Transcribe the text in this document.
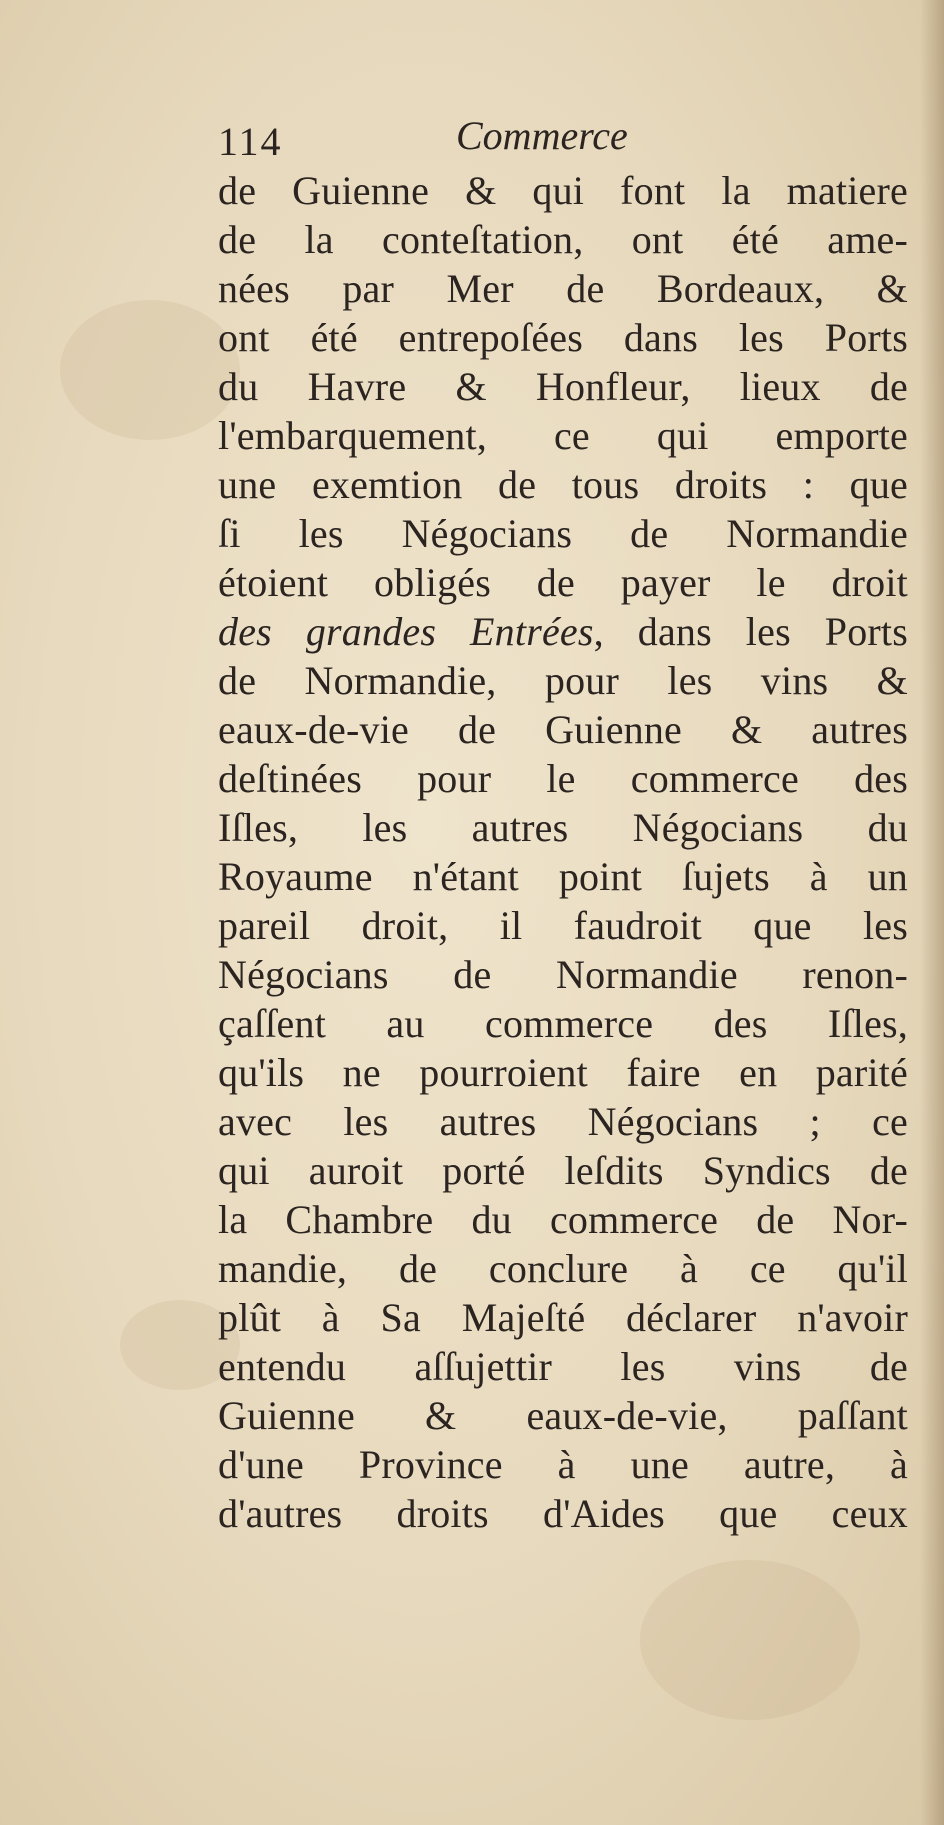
114	Commerce
de Guienne & qui font la matiere
de la conteſtation, ont été ame-
nées par Mer de Bordeaux, &
ont été entrepoſées dans les Ports
du Havre & Honfleur, lieux de
l'embarquement, ce qui emporte
une exemtion de tous droits : que
ſi les Négocians de Normandie
étoient obligés de payer le droit
des grandes Entrées, dans les Ports
de Normandie, pour les vins &
eaux-de-vie de Guienne & autres
deſtinées pour le commerce des
Iſles, les autres Négocians du
Royaume n'étant point ſujets à un
pareil droit, il faudroit que les
Négocians de Normandie renon-
çaſſent au commerce des Iſles,
qu'ils ne pourroient faire en parité
avec les autres Négocians ; ce
qui auroit porté leſdits Syndics de
la Chambre du commerce de Nor-
mandie, de conclure à ce qu'il
plût à Sa Majeſté déclarer n'avoir
entendu aſſujettir les vins de
Guienne & eaux-de-vie, paſſant
d'une Province à une autre, à
d'autres droits d'Aides que ceux
